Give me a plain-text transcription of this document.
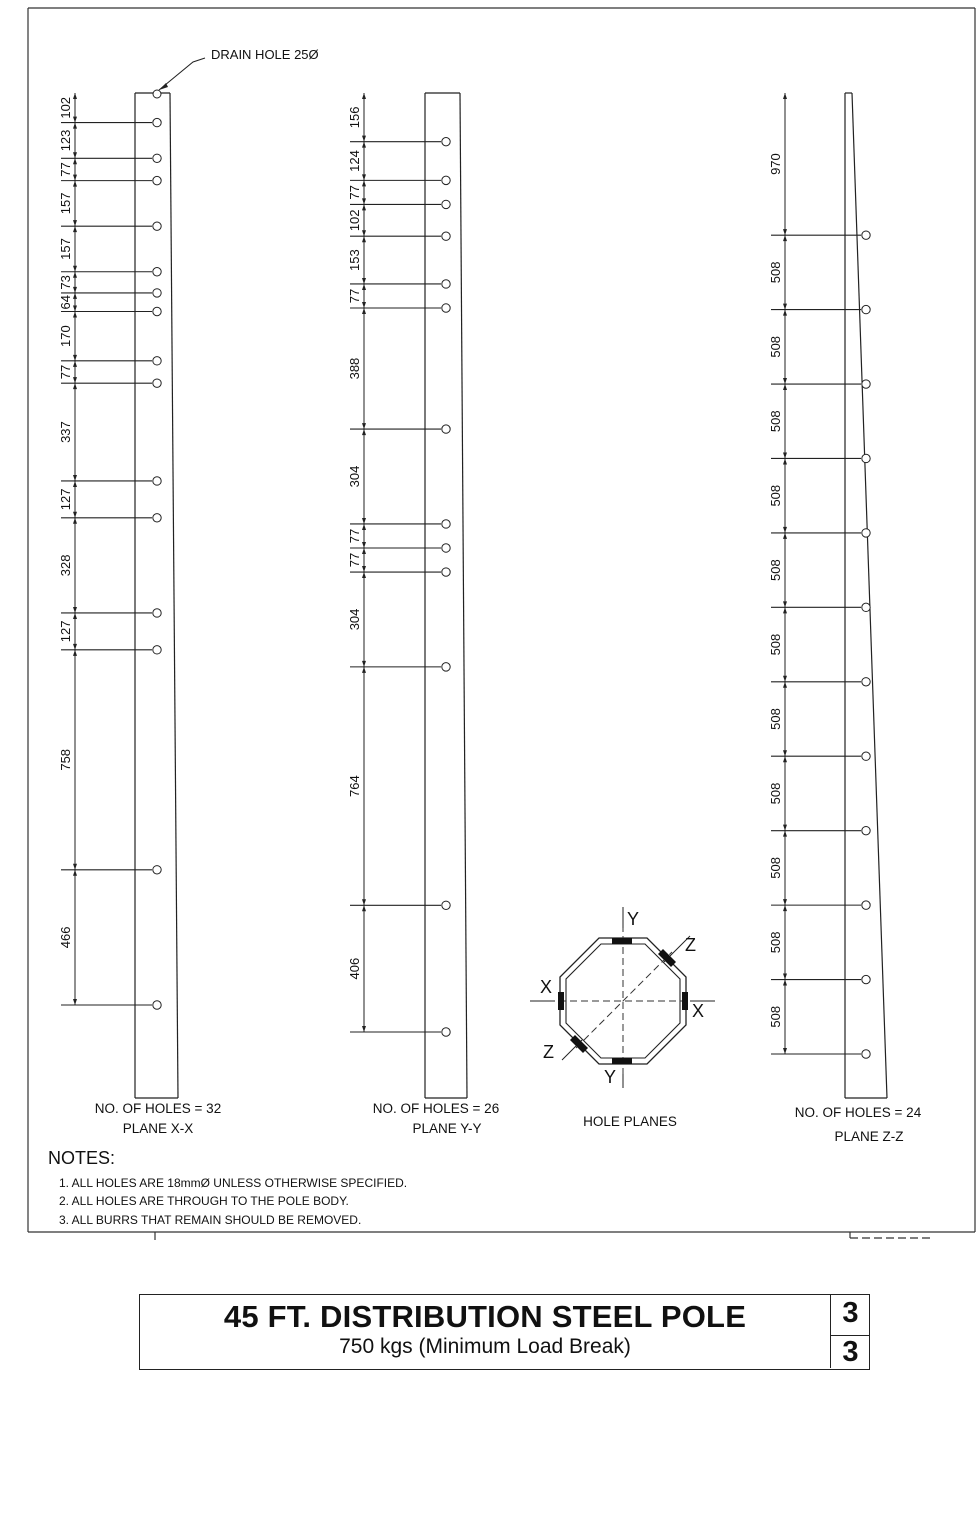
DRAIN HOLE 25Ø
102
123
77
157
157
73
64
170
77
337
127
328
127
758
466
NO. OF HOLES = 32
PLANE X-X
156
124
77
102
153
77
388
304
77
77
304
764
406
NO. OF HOLES = 26
PLANE Y-Y
970
508
508
508
508
508
508
508
508
508
508
508
NO. OF HOLES = 24
PLANE Z-Z
Y
Y
X
X
Z
Z
HOLE PLANES
NOTES:
1. ALL HOLES ARE 18mmØ UNLESS OTHERWISE SPECIFIED.
2. ALL HOLES ARE THROUGH TO THE POLE BODY.
3. ALL BURRS THAT REMAIN SHOULD BE REMOVED.
45 FT. DISTRIBUTION STEEL POLE
750 kgs (Minimum Load Break)
3
3
